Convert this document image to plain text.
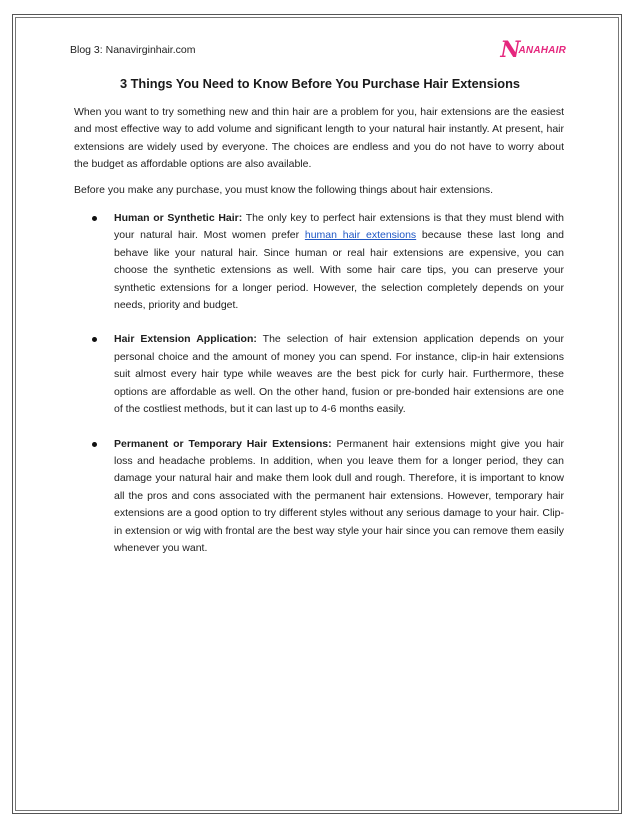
Blog 3: Nanavirginhair.com	N
ANAHAIR
3 Things You Need to Know Before You Purchase Hair Extensions

When you want to try something new and thin hair are a problem for you, hair extensions are the easiest and most effective way to add volume and significant length to your natural hair instantly. At present, hair extensions are widely used by everyone. The choices are endless and you do not have to worry about the budget as affordable options are also available.

Before you make any purchase, you must know the following things about hair extensions.

Human or Synthetic Hair: The only key to perfect hair extensions is that they must blend with your natural hair. Most women prefer human hair extensions because these last long and behave like your natural hair. Since human or real hair extensions are expensive, you can choose the synthetic extensions as well. With some hair care tips, you can preserve your synthetic extensions for a longer period. However, the selection completely depends on your needs, priority and budget.
Hair Extension Application: The selection of hair extension application depends on your personal choice and the amount of money you can spend. For instance, clip-in hair extensions suit almost every hair type while weaves are the best pick for curly hair. Furthermore, these options are affordable as well. On the other hand, fusion or pre-bonded hair extensions are one of the costliest methods, but it can last up to 4-6 months easily.
Permanent or Temporary Hair Extensions: Permanent hair extensions might give you hair loss and headache problems. In addition, when you leave them for a longer period, they can damage your natural hair and make them look dull and rough. Therefore, it is important to know all the pros and cons associated with the permanent hair extensions. However, temporary hair extensions are a good option to try different styles without any serious damage to your hair. Clip-in extension or wig with frontal are the best way style your hair since you can remove them easily whenever you want.
